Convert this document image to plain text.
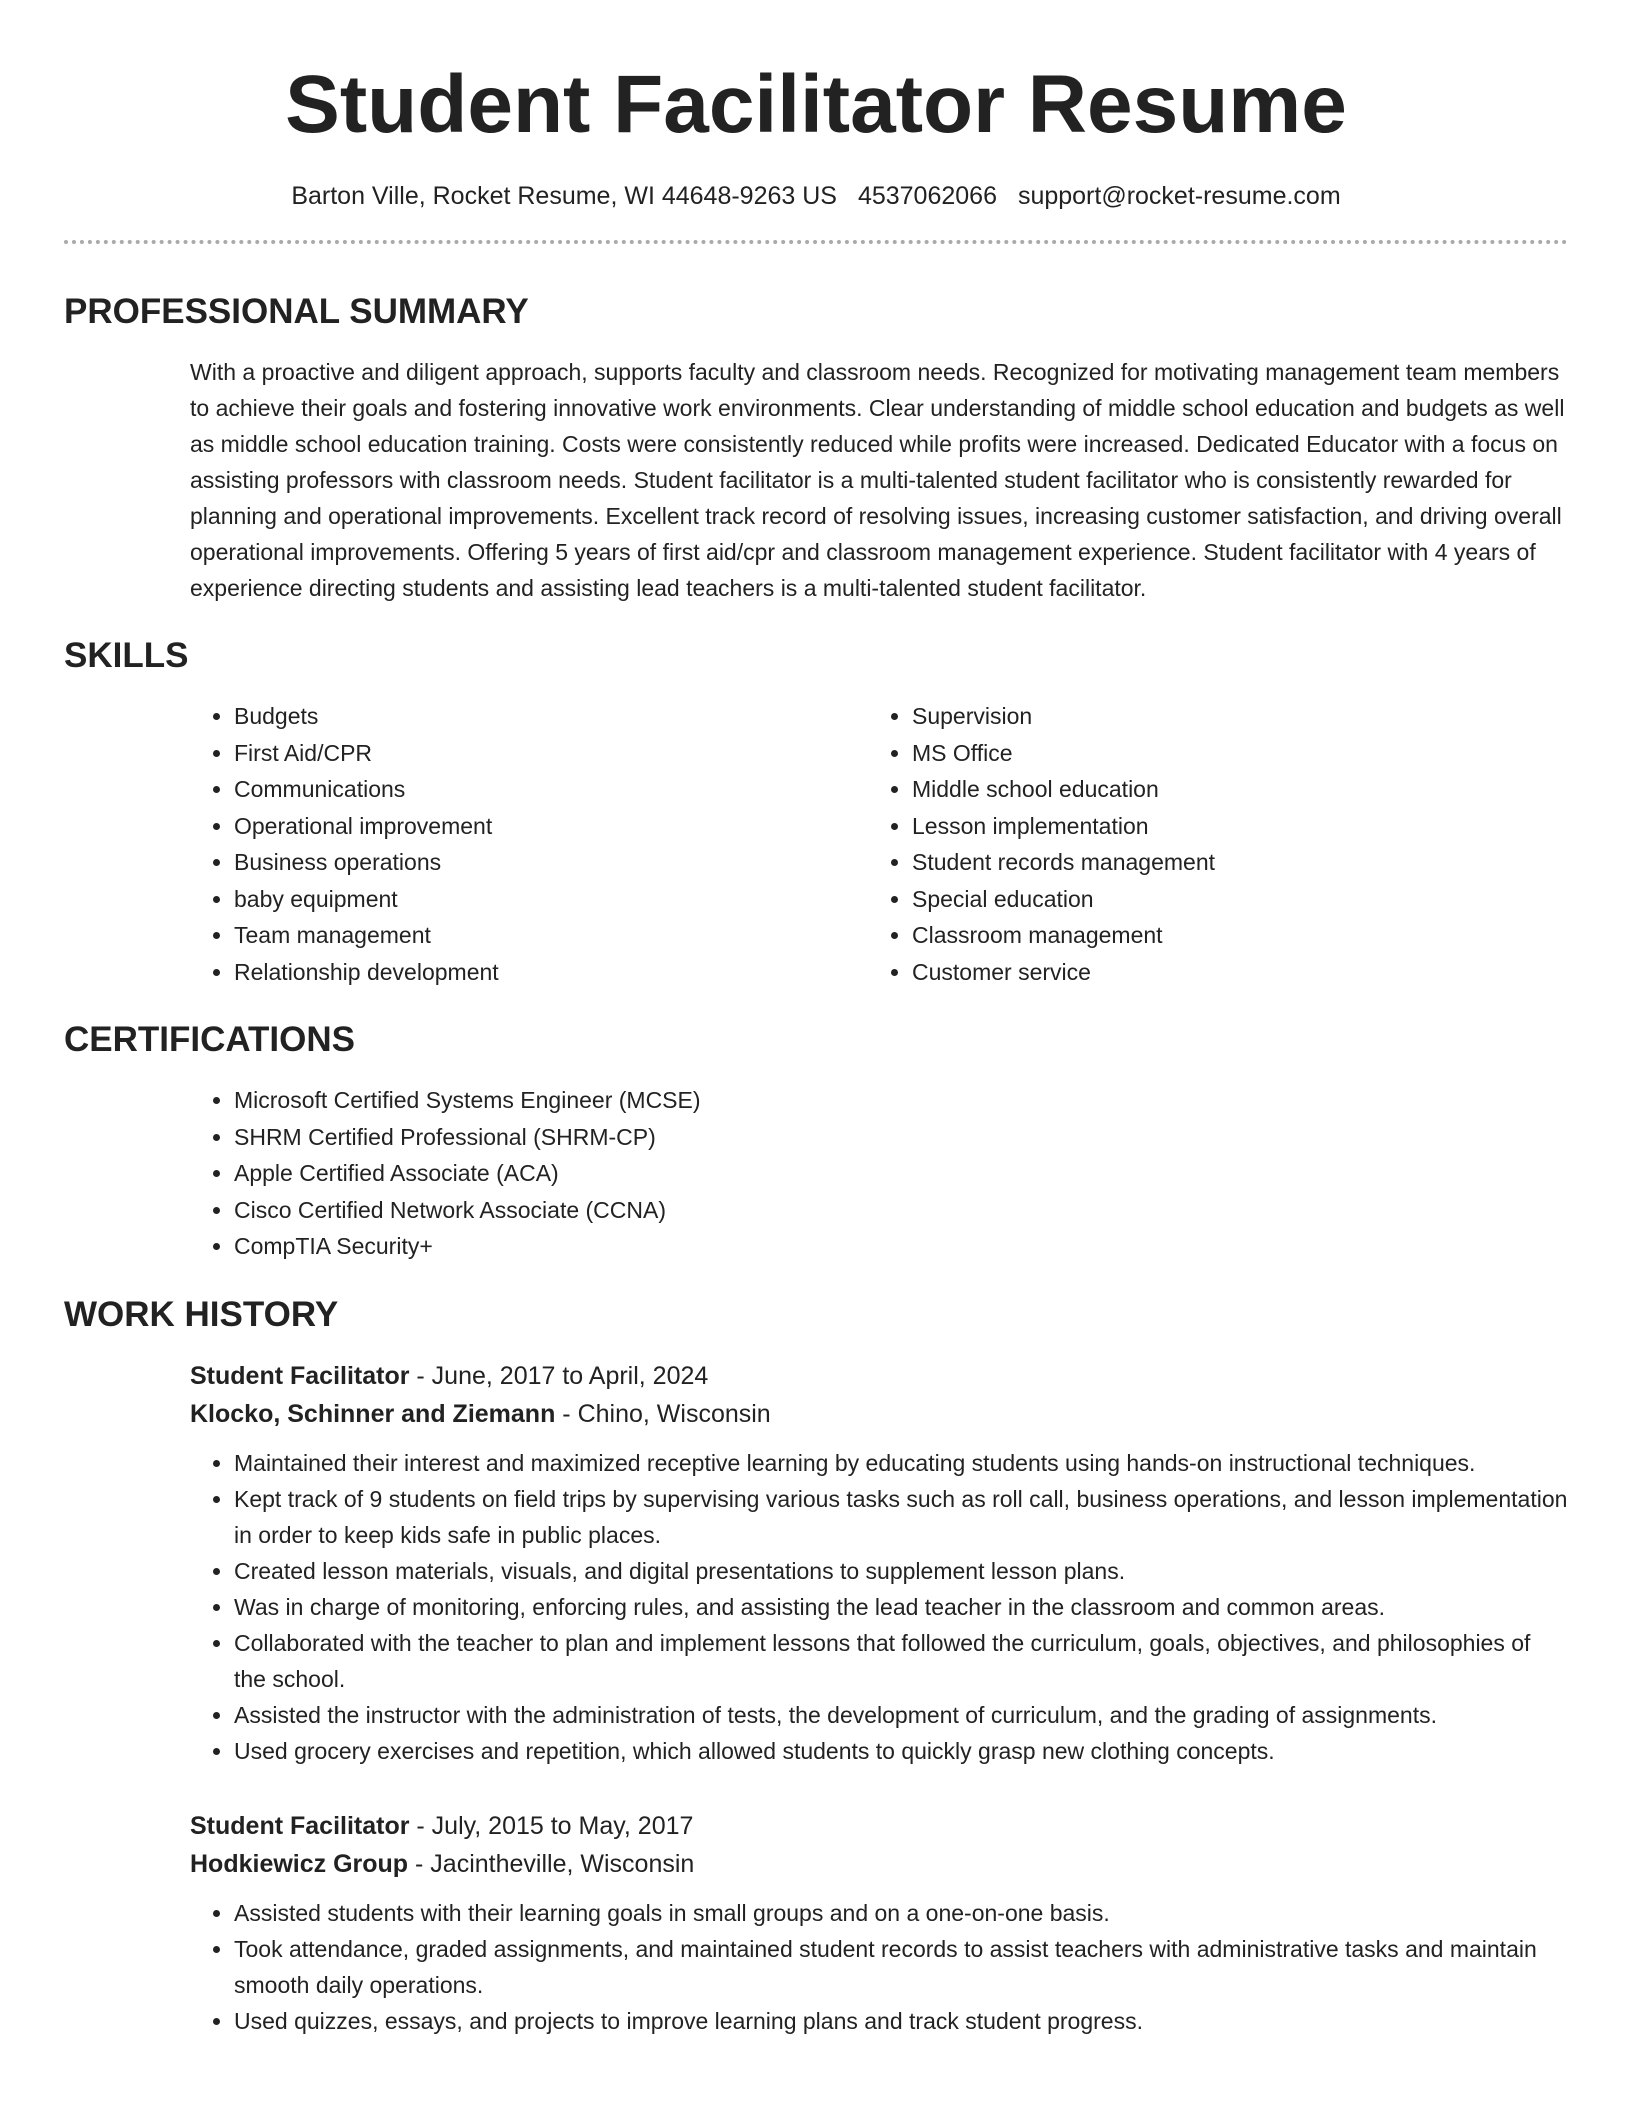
Student Facilitator Resume
Barton Ville, Rocket Resume, WI 44648-9263 US 4537062066 support@rocket-resume.com
PROFESSIONAL SUMMARY

With a proactive and diligent approach, supports faculty and classroom needs. Recognized for motivating management team members to achieve their goals and fostering innovative work environments. Clear understanding of middle school education and budgets as well as middle school education training. Costs were consistently reduced while profits were increased. Dedicated Educator with a focus on assisting professors with classroom needs. Student facilitator is a multi-talented student facilitator who is consistently rewarded for planning and operational improvements. Excellent track record of resolving issues, increasing customer satisfaction, and driving overall operational improvements. Offering 5 years of first aid/cpr and classroom management experience. Student facilitator with 4 years of experience directing students and assisting lead teachers is a multi-talented student facilitator.

SKILLS
• Budgets
• First Aid/CPR
• Communications
• Operational improvement
• Business operations
• baby equipment
• Team management
• Relationship development
• Supervision
• MS Office
• Middle school education
• Lesson implementation
• Student records management
• Special education
• Classroom management
• Customer service
CERTIFICATIONS
• Microsoft Certified Systems Engineer (MCSE)
• SHRM Certified Professional (SHRM-CP)
• Apple Certified Associate (ACA)
• Cisco Certified Network Associate (CCNA)
• CompTIA Security+
WORK HISTORY
Student Facilitator - June, 2017 to April, 2024
Klocko, Schinner and Ziemann - Chino, Wisconsin
• Maintained their interest and maximized receptive learning by educating students using hands-on instructional techniques.
• Kept track of 9 students on field trips by supervising various tasks such as roll call, business operations, and lesson implementation in order to keep kids safe in public places.
• Created lesson materials, visuals, and digital presentations to supplement lesson plans.
• Was in charge of monitoring, enforcing rules, and assisting the lead teacher in the classroom and common areas.
• Collaborated with the teacher to plan and implement lessons that followed the curriculum, goals, objectives, and philosophies of the school.
• Assisted the instructor with the administration of tests, the development of curriculum, and the grading of assignments.
• Used grocery exercises and repetition, which allowed students to quickly grasp new clothing concepts.
Student Facilitator - July, 2015 to May, 2017
Hodkiewicz Group - Jacintheville, Wisconsin
• Assisted students with their learning goals in small groups and on a one-on-one basis.
• Took attendance, graded assignments, and maintained student records to assist teachers with administrative tasks and maintain smooth daily operations.
• Used quizzes, essays, and projects to improve learning plans and track student progress.
